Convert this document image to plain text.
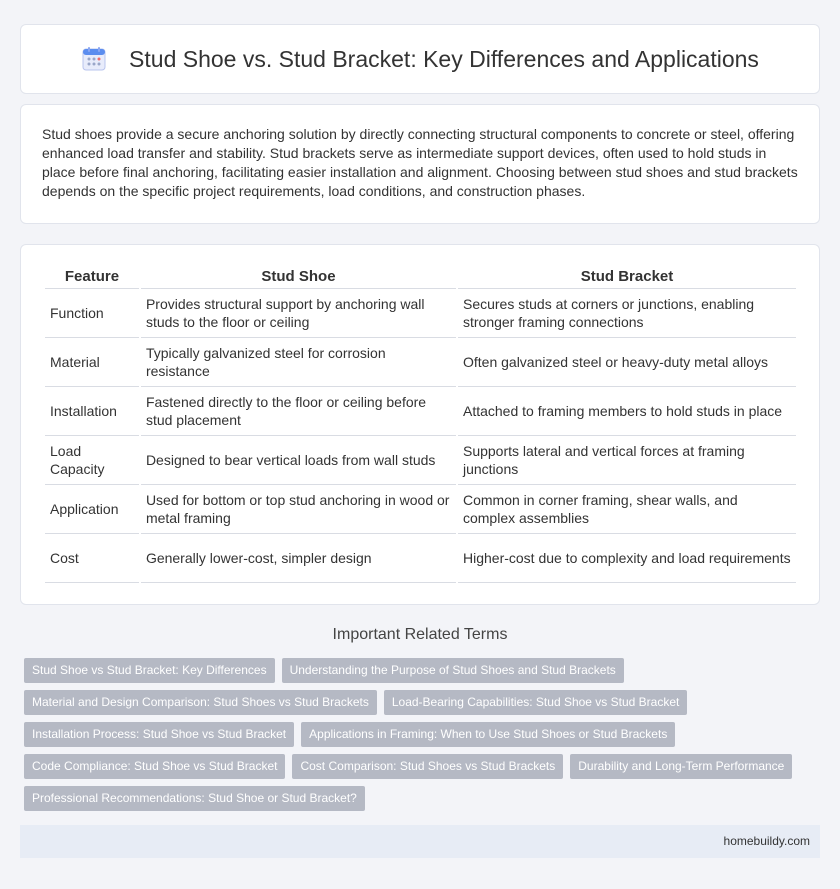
Stud Shoe vs. Stud Bracket: Key Differences and Applications

Stud shoes provide a secure anchoring solution by directly connecting structural components to concrete or steel, offering enhanced load transfer and stability. Stud brackets serve as intermediate support devices, often used to hold studs in place before final anchoring, facilitating easier installation and alignment. Choosing between stud shoes and stud brackets depends on the specific project requirements, load conditions, and construction phases.

Feature	Stud Shoe	Stud Bracket
Function	Provides structural support by anchoring wall studs to the floor or ceiling	Secures studs at corners or junctions, enabling stronger framing connections
Material	Typically galvanized steel for corrosion resistance	Often galvanized steel or heavy-duty metal alloys
Installation	Fastened directly to the floor or ceiling before stud placement	Attached to framing members to hold studs in place
Load Capacity	Designed to bear vertical loads from wall studs	Supports lateral and vertical forces at framing junctions
Application	Used for bottom or top stud anchoring in wood or metal framing	Common in corner framing, shear walls, and complex assemblies
Cost	Generally lower-cost, simpler design	Higher-cost due to complexity and load requirements
Important Related Terms
Stud Shoe vs Stud Bracket: Key Differences	Understanding the Purpose of Stud Shoes and Stud Brackets
Material and Design Comparison: Stud Shoes vs Stud Brackets	Load-Bearing Capabilities: Stud Shoe vs Stud Bracket
Installation Process: Stud Shoe vs Stud Bracket	Applications in Framing: When to Use Stud Shoes or Stud Brackets
Code Compliance: Stud Shoe vs Stud Bracket	Cost Comparison: Stud Shoes vs Stud Brackets	Durability and Long-Term Performance
Professional Recommendations: Stud Shoe or Stud Bracket?
homebuildy.com
